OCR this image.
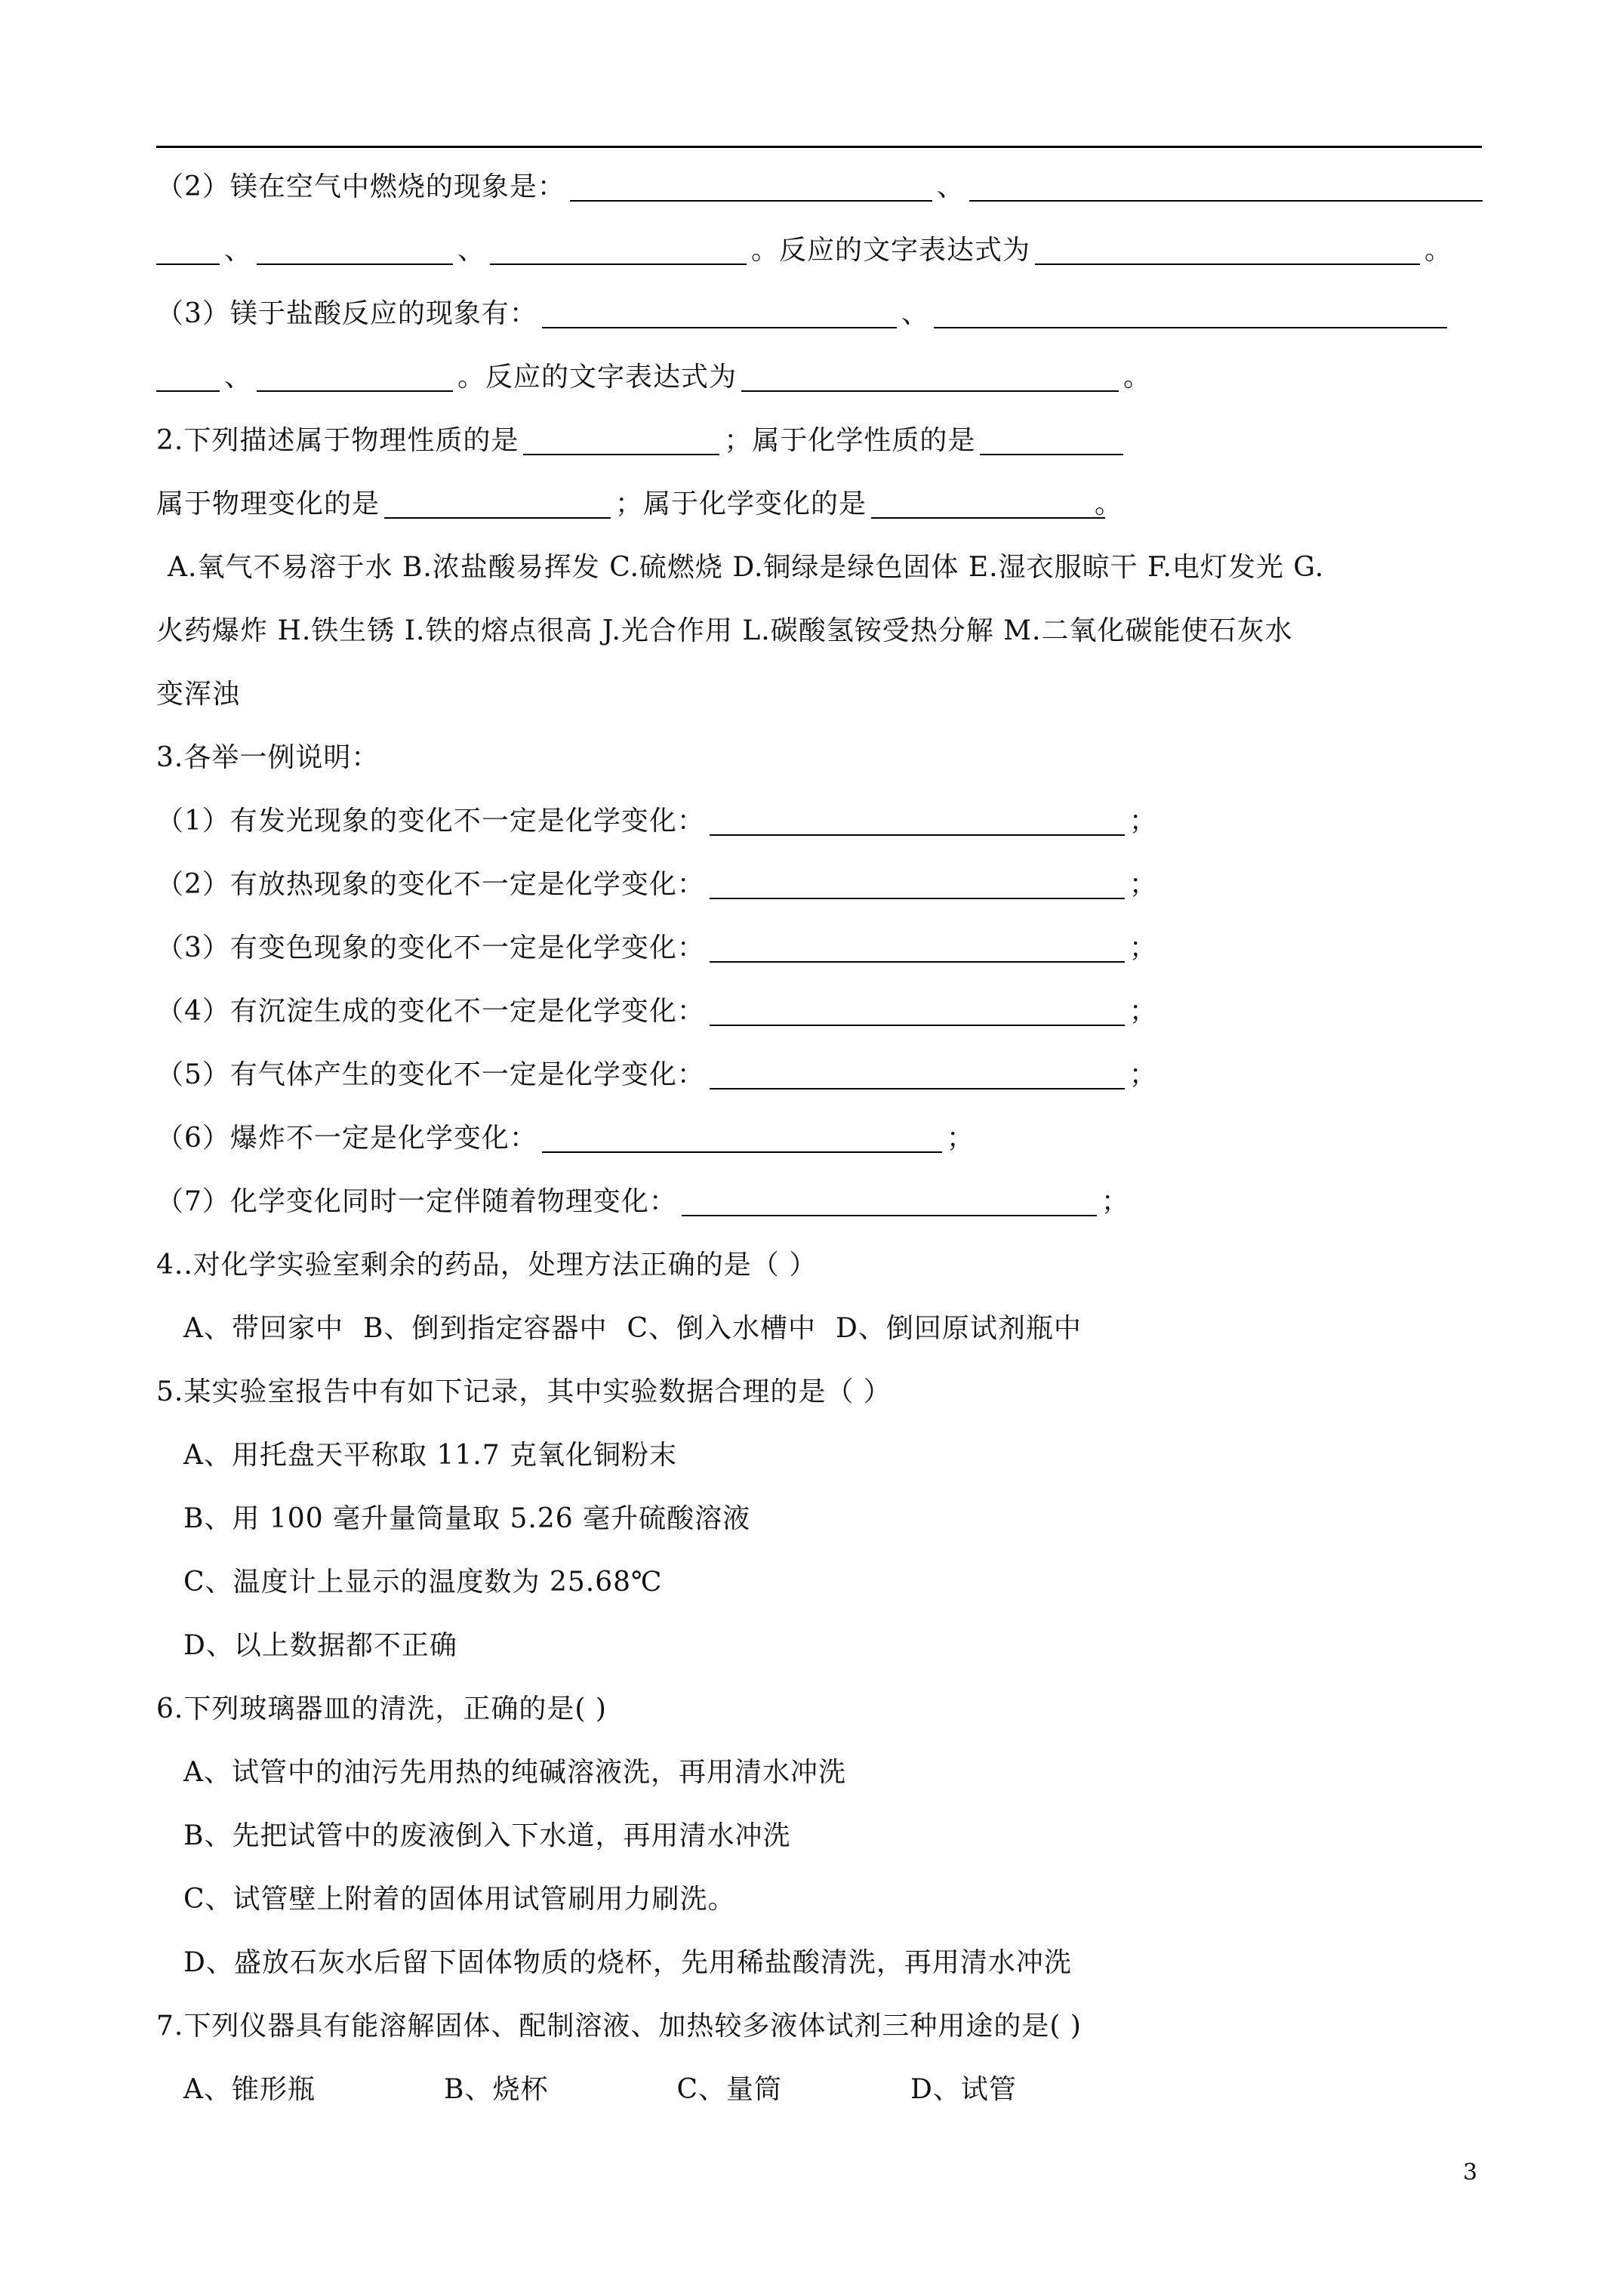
（2）镁在空气中燃烧的现象是：	、
、	、	。反应的文字表达式为	。
（3）镁于盐酸反应的现象有：	、
、	。反应的文字表达式为	。
2.下列描述属于物理性质的是	；属于化学性质的是
属于物理变化的是	；属于化学变化的是	。
A.氧气不易溶于水 B.浓盐酸易挥发 C.硫燃烧 D.铜绿是绿色固体 E.湿衣服晾干 F.电灯发光 G.
火药爆炸 H.铁生锈 I.铁的熔点很高 J.光合作用 L.碳酸氢铵受热分解 M.二氧化碳能使石灰水
变浑浊
3.各举一例说明：
（1）有发光现象的变化不一定是化学变化：	；
（2）有放热现象的变化不一定是化学变化：	；
（3）有变色现象的变化不一定是化学变化：	；
（4）有沉淀生成的变化不一定是化学变化：	；
（5）有气体产生的变化不一定是化学变化：	；
（6）爆炸不一定是化学变化：	；
（7）化学变化同时一定伴随着物理变化：	；
4..对化学实验室剩余的药品，处理方法正确的是（ ）
A、带回家中 B、倒到指定容器中 C、倒入水槽中 D、倒回原试剂瓶中
5.某实验室报告中有如下记录，其中实验数据合理的是（ ）
A、用托盘天平称取 11.7 克氧化铜粉末
B、用 100 毫升量筒量取 5.26 毫升硫酸溶液
C、温度计上显示的温度数为 25.68℃
D、以上数据都不正确
6.下列玻璃器皿的清洗，正确的是( )
A、试管中的油污先用热的纯碱溶液洗，再用清水冲洗
B、先把试管中的废液倒入下水道，再用清水冲洗
C、试管壁上附着的固体用试管刷用力刷洗。
D、盛放石灰水后留下固体物质的烧杯，先用稀盐酸清洗，再用清水冲洗
7.下列仪器具有能溶解固体、配制溶液、加热较多液体试剂三种用途的是( )
A、锥形瓶	B、烧杯	C、量筒	D、试管
3
